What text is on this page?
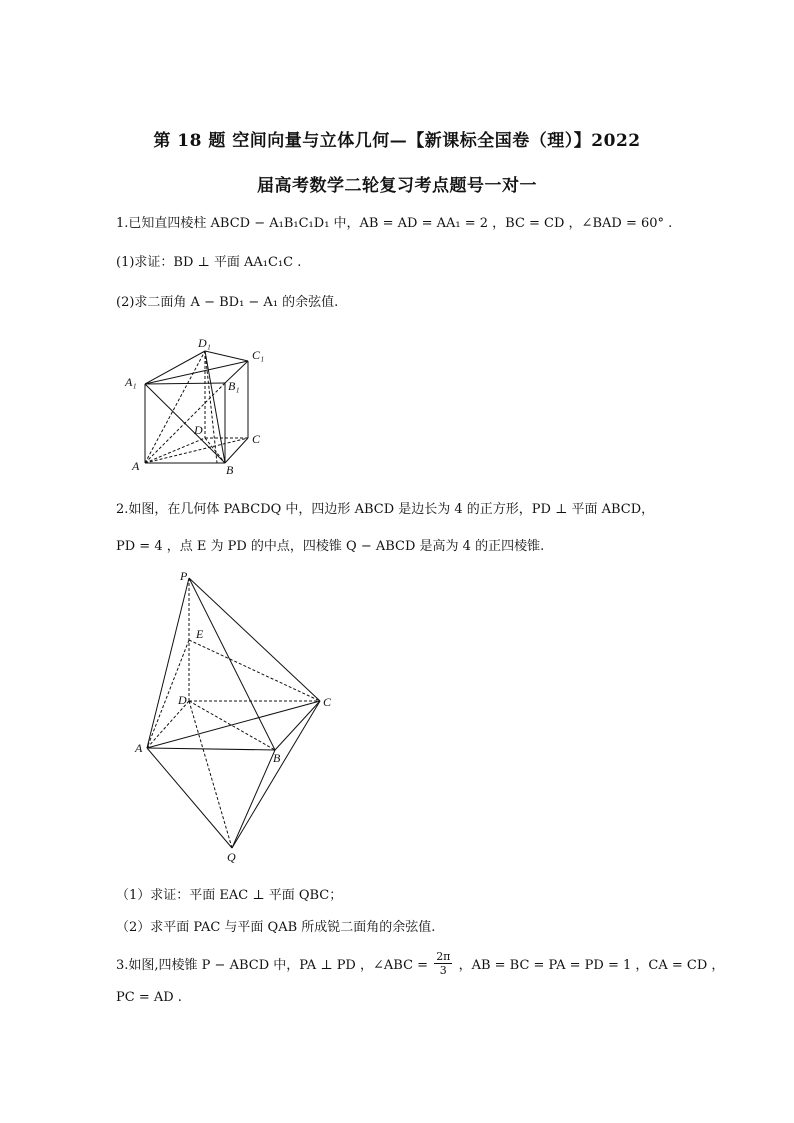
第 18 题 空间向量与立体几何—【新课标全国卷（理）】2022
届高考数学二轮复习考点题号一对一
1.已知直四棱柱 ABCD − A₁B₁C₁D₁ 中，AB = AD = AA₁ = 2 ，BC = CD ，∠BAD = 60° .
(1)求证：BD ⊥ 平面 AA₁C₁C .
(2)求二面角 A − BD₁ − A₁ 的余弦值.
D₁
C₁
A₁	B₁
D
C
A	B
2.如图，在几何体 PABCDQ 中，四边形 ABCD 是边长为 4 的正方形，PD ⊥ 平面 ABCD，
PD = 4 ，点 E 为 PD 的中点，四棱锥 Q − ABCD 是高为 4 的正四棱锥.
P
E
D	C
A
B
Q
（1）求证：平面 EAC ⊥ 平面 QBC；
（2）求平面 PAC 与平面 QAB 所成锐二面角的余弦值.
3.如图,四棱锥 P − ABCD 中，PA ⊥ PD ，∠ABC = $\frac{2\pi}{3}$ ，AB = BC = PA = PD = 1 ，CA = CD ，
PC = AD .
